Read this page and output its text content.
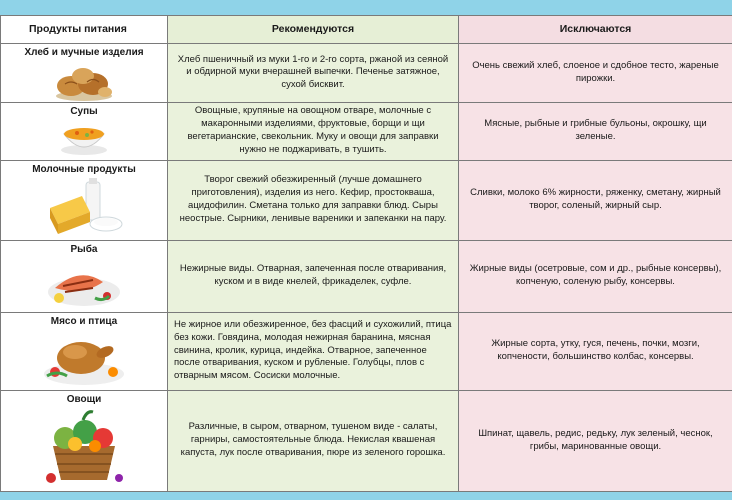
Продукты питания	Рекомендуются	Исключаются

Хлеб и мучные изделия	Хлеб пшеничный из муки 1-го и 2-го сорта, ржаной из сеяной и обдирной муки вчерашней выпечки. Печенье затяжное, сухой бисквит.	Очень свежий хлеб, слоеное и сдобное тесто, жареные пирожки.

Супы	Овощные, крупяные на овощном отваре, молочные с макаронными изделиями, фруктовые, борщи и щи вегетарианские, свекольник. Муку и овощи для заправки нужно не поджаривать, в тушить.	Мясные, рыбные и грибные бульоны, окрошку, щи зеленые.

Молочные продукты	Творог свежий обезжиренный (лучше домашнего приготовления), изделия из него. Кефир, простокваша, ацидофилин. Сметана только для заправки блюд. Сыры неострые. Сырники, ленивые вареники и запеканки на пару.	Сливки, молоко 6% жирности, ряженку, сметану, жирный творог, соленый, жирный сыр.

Рыба	Нежирные виды. Отварная, запеченная после отваривания, куском и в виде кнелей, фрикаделек, суфле.	Жирные виды (осетровые, сом и др., рыбные консервы), копченую, соленую рыбу, консервы.

Мясо и птица	Не жирное или обезжиренное, без фасций и сухожилий, птица без кожи. Говядина, молодая нежирная баранина, мясная свинина, кролик, курица, индейка. Отварное, запеченное после отваривания, куском и рубленые. Голубцы, плов с отварным мясом. Сосиски молочные.	Жирные сорта, утку, гуся, печень, почки, мозги, копчености, большинство колбас, консервы.

Овощи	Различные, в сыром, отварном, тушеном виде - салаты, гарниры, самостоятельные блюда. Некислая квашеная капуста, лук после отваривания, пюре из зеленого горошка.	Шпинат, щавель, редис, редьку, лук зеленый, чеснок, грибы, маринованные овощи.
